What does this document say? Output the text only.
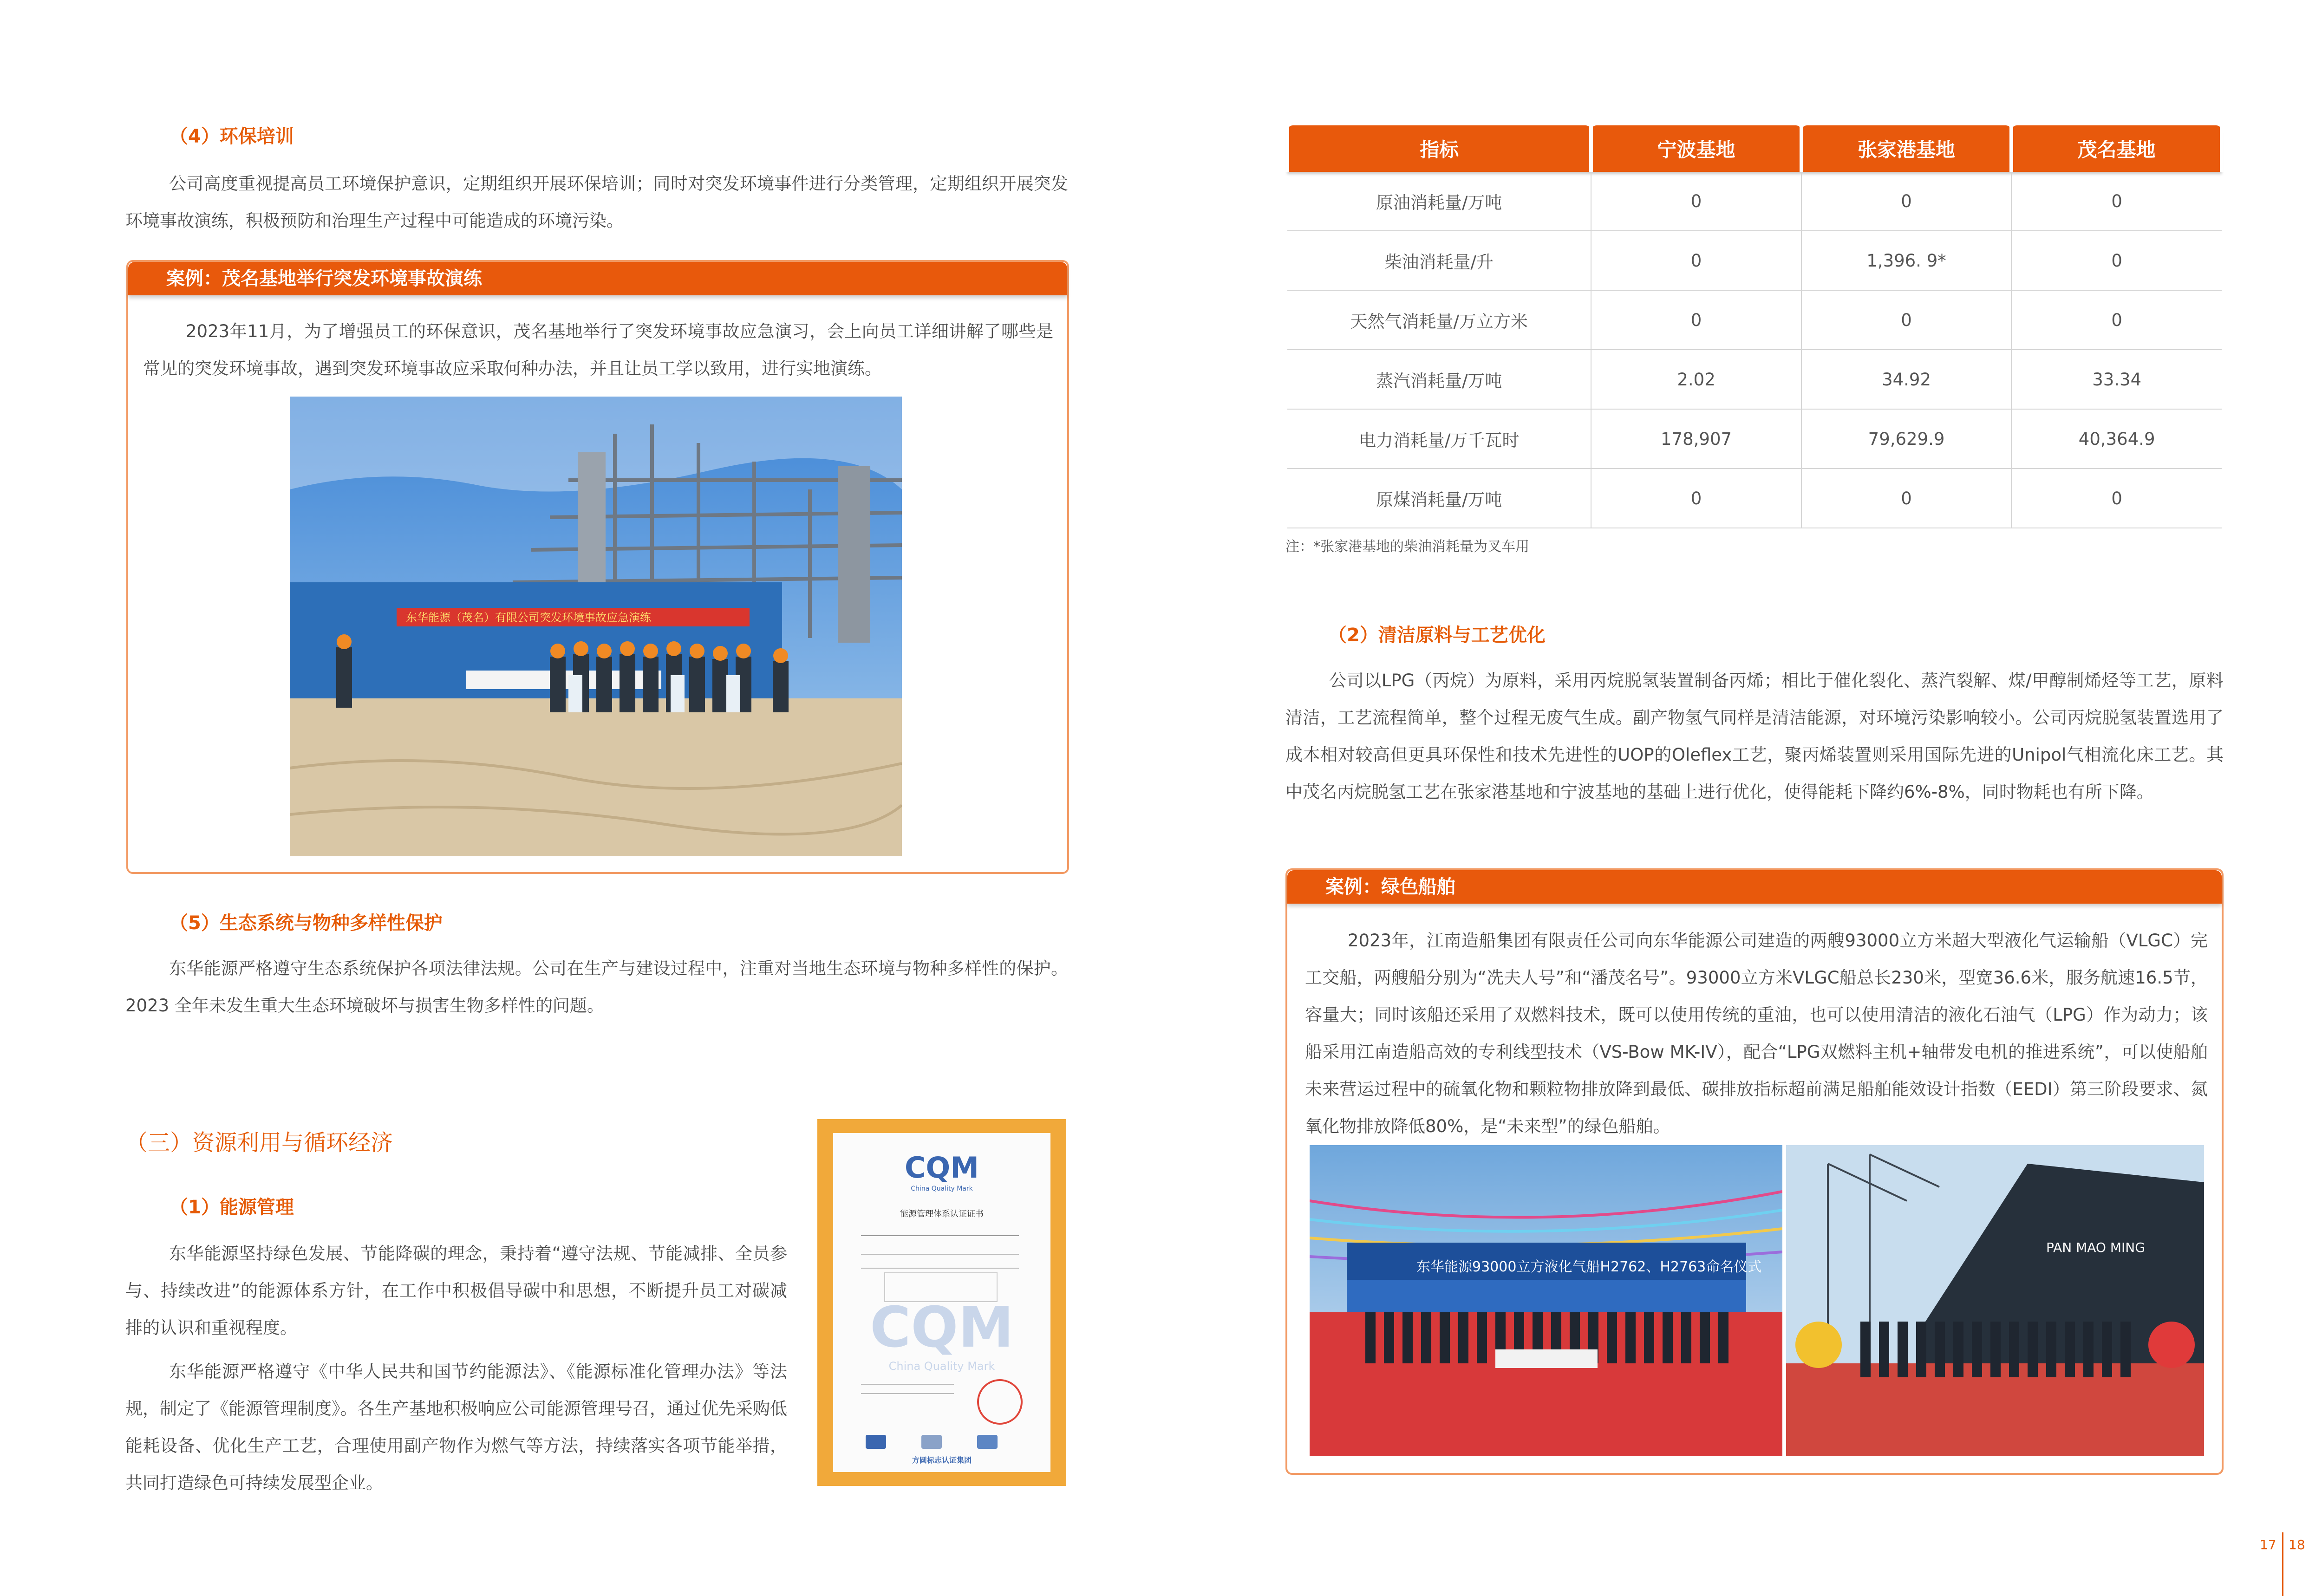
（4）环保培训
公司高度重视提高员工环境保护意识，定期组织开展环保培训；同时对突发环境事件进行分类管理，定期组织开展突发环境事故演练，积极预防和治理生产过程中可能造成的环境污染。
案例：茂名基地举行突发环境事故演练
2023年11月，为了增强员工的环保意识，茂名基地举行了突发环境事故应急演习，会上向员工详细讲解了哪些是常见的突发环境事故，遇到突发环境事故应采取何种办法，并且让员工学以致用，进行实地演练。
东华能源（茂名）有限公司突发环境事故应急演练
（5）生态系统与物种多样性保护
东华能源严格遵守生态系统保护各项法律法规。公司在生产与建设过程中，注重对当地生态环境与物种多样性的保护。2023 全年未发生重大生态环境破坏与损害生物多样性的问题。
（三）资源利用与循环经济
（1）能源管理
东华能源坚持绿色发展、节能降碳的理念，秉持着“遵守法规、节能减排、全员参与、持续改进”的能源体系方针，在工作中积极倡导碳中和思想，不断提升员工对碳减排的认识和重视程度。
东华能源严格遵守《中华人民共和国节约能源法》、《能源标准化管理办法》等法规，制定了《能源管理制度》。各生产基地积极响应公司能源管理号召，通过优先采购低能耗设备、优化生产工艺，合理使用副产物作为燃气等方法，持续落实各项节能举措，共同打造绿色可持续发展型企业。
CQM
China Quality Mark
能源管理体系认证证书
CQM
China Quality Mark
方圆标志认证集团
指标	宁波基地	张家港基地	茂名基地
原油消耗量/万吨	0	0	0
柴油消耗量/升	0	1,396. 9*	0
天然气消耗量/万立方米	0	0	0
蒸汽消耗量/万吨	2.02	34.92	33.34
电力消耗量/万千瓦时	178,907	79,629.9	40,364.9
原煤消耗量/万吨	0	0	0
注：*张家港基地的柴油消耗量为叉车用
（2）清洁原料与工艺优化
公司以LPG（丙烷）为原料，采用丙烷脱氢装置制备丙烯；相比于催化裂化、蒸汽裂解、煤/甲醇制烯烃等工艺，原料清洁，工艺流程简单，整个过程无废气生成。副产物氢气同样是清洁能源，对环境污染影响较小。公司丙烷脱氢装置选用了成本相对较高但更具环保性和技术先进性的UOP的Oleflex工艺，聚丙烯装置则采用国际先进的Unipol气相流化床工艺。其中茂名丙烷脱氢工艺在张家港基地和宁波基地的基础上进行优化，使得能耗下降约6%-8%，同时物耗也有所下降。
案例：绿色船舶
2023年，江南造船集团有限责任公司向东华能源公司建造的两艘93000立方米超大型液化气运输船（VLGC）完工交船，两艘船分别为“冼夫人号”和“潘茂名号”。93000立方米VLGC船总长230米，型宽36.6米，服务航速16.5节，容量大；同时该船还采用了双燃料技术，既可以使用传统的重油，也可以使用清洁的液化石油气（LPG）作为动力；该船采用江南造船高效的专利线型技术（VS-Bow MK-IV），配合“LPG双燃料主机+轴带发电机的推进系统”，可以使船舶未来营运过程中的硫氧化物和颗粒物排放降到最低、碳排放指标超前满足船舶能效设计指数（EEDI）第三阶段要求、氮氧化物排放降低80%，是“未来型”的绿色船舶。
东华能源93000立方液化气船H2762、H2763命名仪式
PAN MAO MING
17 18
